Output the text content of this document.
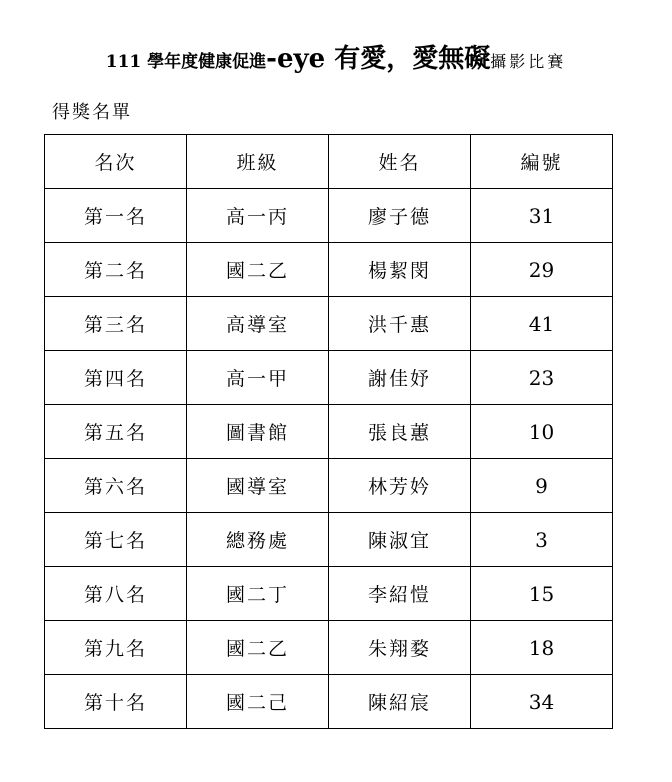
111 學年度健康促進-eye 有愛，愛無礙攝影比賽
得獎名單
名次	班級	姓名	編號
第一名	高一丙	廖子德	31
第二名	國二乙	楊絜閔	29
第三名	高導室	洪千惠	41
第四名	高一甲	謝佳妤	23
第五名	圖書館	張良蕙	10
第六名	國導室	林芳妗	9
第七名	總務處	陳淑宜	3
第八名	國二丁	李紹愷	15
第九名	國二乙	朱翔婺	18
第十名	國二己	陳紹宸	34
